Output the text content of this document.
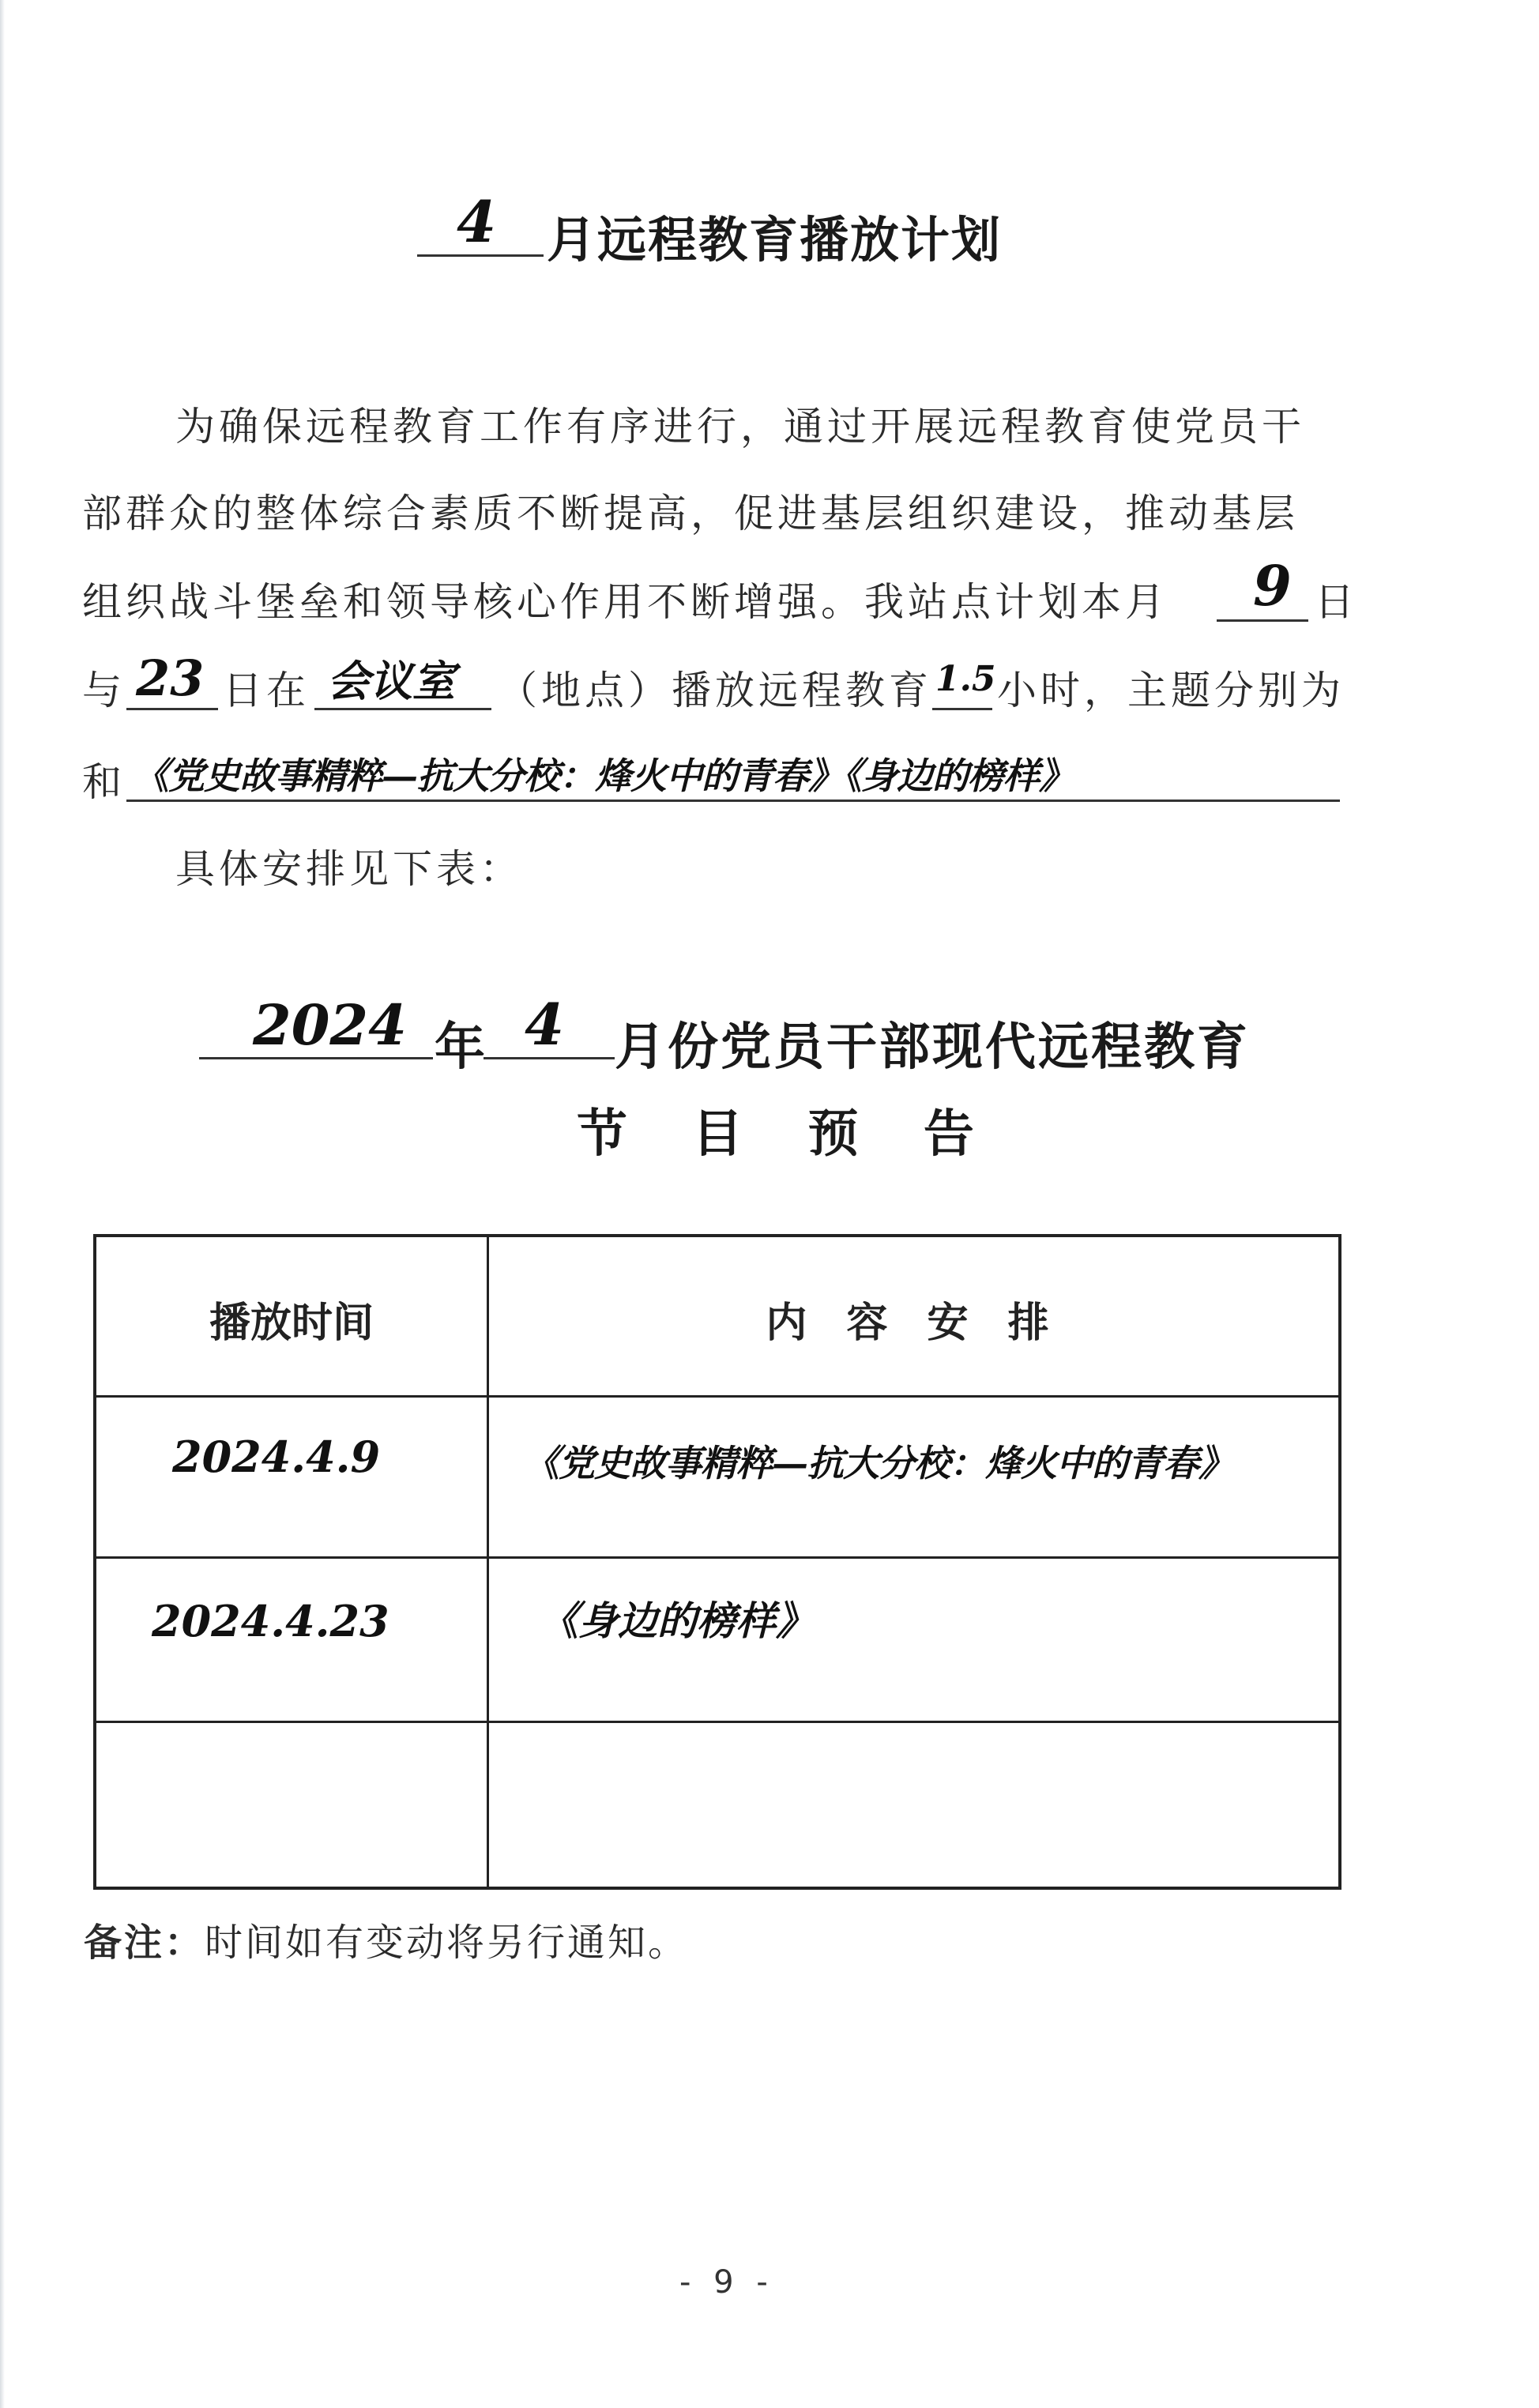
4 月远程教育播放计划
为确保远程教育工作有序进行，通过开展远程教育使党员干
部群众的整体综合素质不断提高，促进基层组织建设，推动基层
组织战斗堡垒和领导核心作用不断增强。我站点计划本月 9 日
与 23 日在 会议室 （地点）播放远程教育 1.5 小时，主题分别为
和 《党史故事精粹—抗大分校：烽火中的青春》《身边的榜样》
具体安排见下表：
2024 年 4 月份党员干部现代远程教育
节 目 预 告
播放时间	内 容 安 排
2024.4.9	《党史故事精粹—抗大分校：烽火中的青春》
2024.4.23	《身边的榜样》
备注：时间如有变动将另行通知。
- 9 -
